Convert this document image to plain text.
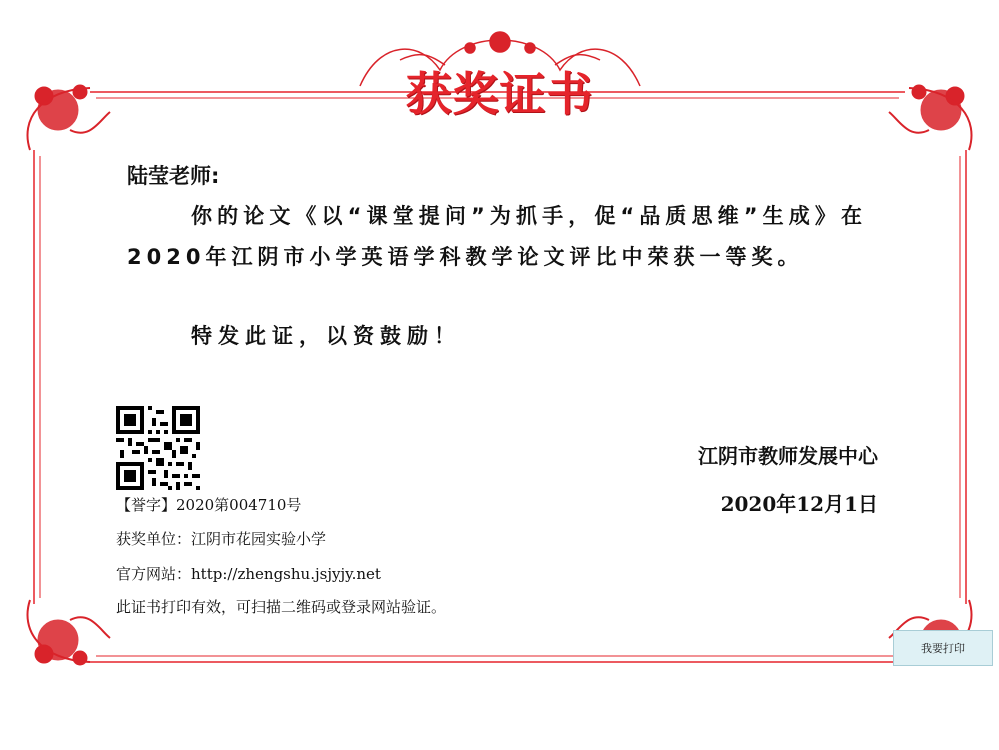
获奖证书
陆莹老师:

你的论文《以“课堂提问”为抓手，促“品质思维”生成》在2020年江阴市小学英语学科教学论文评比中荣获一等奖。

特发此证，以资鼓励！
江阴市教师发展中心
2020年12月1日
【誉字】2020第004710号
获奖单位：江阴市花园实验小学
官方网站：http://zhengshu.jsjyjy.net
此证书打印有效，可扫描二维码或登录网站验证。
我要打印
